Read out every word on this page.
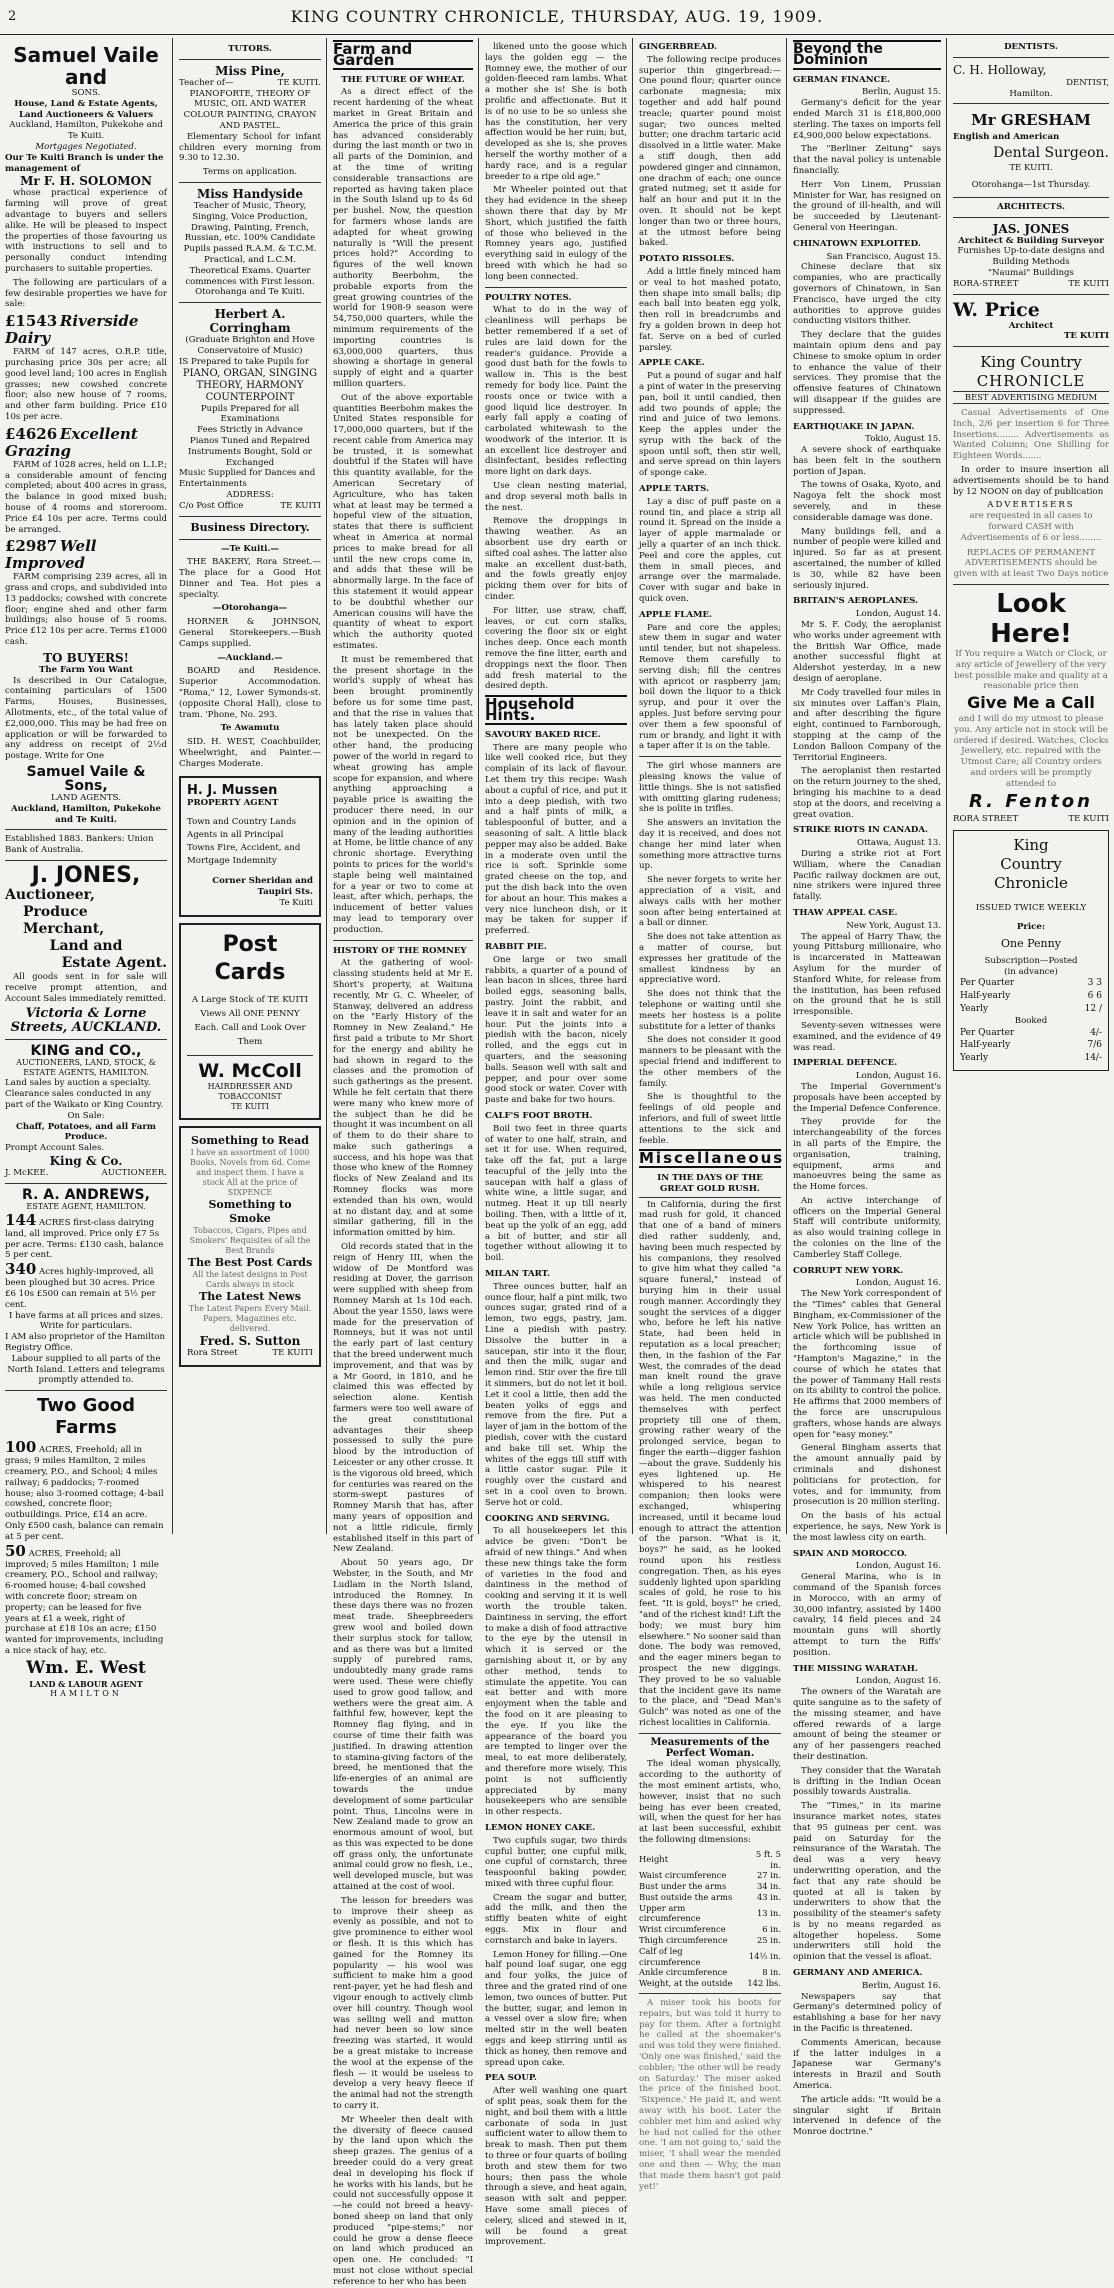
2	KING COUNTRY CHRONICLE, THURSDAY, AUG. 19, 1909.
Samuel Vaile and
SONS.
House, Land & Estate Agents, Land Auctioneers & Valuers
Auckland, Hamilton, Pukekohe and Te Kuiti.
Mortgages Negotiated.
Our Te Kuiti Branch is under the management of
Mr F. H. SOLOMON

whose practical experience of farming will prove of great advantage to buyers and sellers alike. He will be pleased to inspect the properties of those favouring us with instructions to sell and to personally conduct intending purchasers to suitable properties.

The following are particulars of a few desirable properties we have for sale:

£1543 Riverside Dairy

FARM of 147 acres, O.R.P. title, purchasing price 30s per acre; all good level land; 100 acres in English grasses; new cowshed concrete floor; also new house of 7 rooms, and other farm building. Price £10 10s per acre.

£4626 Excellent Grazing

FARM of 1028 acres, held on L.I.P.; a considerable amount of fencing completed; about 400 acres in grass, the balance in good mixed bush; house of 4 rooms and storeroom. Price £4 10s per acre. Terms could be arranged.

£2987 Well Improved

FARM comprising 239 acres, all in grass and crops, and subdivided into 13 paddocks; cowshed with concrete floor; engine shed and other farm buildings; also house of 5 rooms. Price £12 10s per acre. Terms £1000 cash.

TO BUYERS!
The Farm You Want

Is described in Our Catalogue, containing particulars of 1500 Farms, Houses, Businesses, Allotments, etc., of the total value of £2,000,000. This may be had free on application or will be forwarded to any address on receipt of 2½d postage. Write for One

Samuel Vaile & Sons,
LAND AGENTS.
Auckland, Hamilton, Pukekohe and Te Kuiti.
Established 1883. Bankers: Union Bank of Australia.
J. JONES,
Auctioneer,
Produce Merchant,
Land and
Estate Agent.

All goods sent in for sale will receive prompt attention, and Account Sales immediately remitted.

Victoria & Lorne Streets, AUCKLAND.
KING and CO.,
AUCTIONEERS, LAND, STOCK, & ESTATE AGENTS, HAMILTON.
Land sales by auction a specialty.
Clearance sales conducted in any part of the Waikato or King Country.
On Sale:
Chaff, Potatoes, and all Farm Produce.
Prompt Account Sales.
King & Co.
J. McKEE.	AUCTIONEER.
R. A. ANDREWS,
ESTATE AGENT, HAMILTON.
144 ACRES first-class dairying land, all improved. Price only £7 5s per acre. Terms: £130 cash, balance 5 per cent.
340 Acres highly-improved, all been ploughed but 30 acres. Price £6 10s £500 can remain at 5½ per cent.
I have farms at all prices and sizes. Write for particulars.
I AM also proprietor of the Hamilton Registry Office.
Labour supplied to all parts of the North Island. Letters and telegrams promptly attended to.
Two Good Farms
100 ACRES, Freehold; all in grass; 9 miles Hamilton, 2 miles creamery, P.O., and School; 4 miles railway; 6 paddocks; 7-roomed house; also 3-roomed cottage; 4-bail cowshed, concrete floor; outbuildings. Price, £14 an acre. Only £500 cash, balance can remain at 5 per cent.
50 ACRES, Freehold; all improved; 5 miles Hamilton; 1 mile creamery, P.O., School and railway; 6-roomed house; 4-bail cowshed with concrete floor; stream on property; can be leased for five years at £1 a week, right of purchase at £18 10s an acre; £150 wanted for improvements, including a nice stack of hay, etc.
Wm. E. West
LAND & LABOUR AGENT
HAMILTON
TUTORS.
Miss Pine,
Teacher of—	TE KUITI.
PIANOFORTE, THEORY OF MUSIC, OIL AND WATER COLOUR PAINTING, CRAYON AND PASTEL.

Elementary School for infant children every morning from 9.30 to 12.30.

Terms on application.
Miss Handyside
Teacher of Music, Theory, Singing, Voice Production, Drawing, Painting, French, Russian, etc. 100% Candidate Pupils passed R.A.M. & T.C.M. Practical, and L.C.M. Theoretical Exams. Quarter commences with First lesson. Otorohanga and Te Kuiti.
Herbert A. Corringham
(Graduate Brighton and Hove Conservatoire of Music)
IS Prepared to take Pupils for
PIANO, ORGAN, SINGING THEORY, HARMONY COUNTERPOINT
Pupils Prepared for all Examinations
Fees Strictly in Advance
Pianos Tuned and Repaired Instruments Bought, Sold or Exchanged
Music Supplied for Dances and Entertainments
ADDRESS:
C/o Post Office	TE KUITI
Business Directory.
—Te Kuiti.—

THE BAKERY, Rora Street.—The place for a Good Hot Dinner and Tea. Hot pies a specialty.

—Otorohanga—

HORNER & JOHNSON, General Storekeepers.—Bush Camps supplied.

—Auckland.—

BOARD and Residence. Superior Accommodation. "Roma," 12, Lower Symonds-st. (opposite Choral Hall), close to tram. 'Phone, No. 293.

Te Awamutu

SID. H. WEST, Coachbuilder, Wheelwright, and Painter.—Charges Moderate.

H. J. Mussen
PROPERTY AGENT
Town and Country Lands Agents in all Principal Towns Fire, Accident, and Mortgage Indemnity
Corner Sheridan and Taupiri Sts.
Te Kuiti
Post Cards
A Large Stock of TE KUITI Views All ONE PENNY Each. Call and Look Over Them
W. McColl
HAIRDRESSER AND TOBACCONIST
TE KUITI
Something to Read
I have an assortment of 1000 Books, Novels from 6d. Come and inspect them. I have a stock All at the price of SIXPENCE
Something to Smoke
Tobaccos, Cigars, Pipes and Smokers' Requisites of all the Best Brands
The Best Post Cards
All the latest designs in Post Cards always in stock
The Latest News
The Latest Papers Every Mail. Papers, Magazines etc. delivered.
Fred. S. Sutton
Rora Street	TE KUITI
Farm and Garden
THE FUTURE OF WHEAT.

As a direct effect of the recent hardening of the wheat market in Great Britain and America the price of this grain has advanced considerably during the last month or two in all parts of the Dominion, and at the time of writing considerable transactions are reported as having taken place in the South Island up to 4s 6d per bushel. Now, the question for farmers whose lands are adapted for wheat growing naturally is "Will the present prices hold?" According to figures of the well known authority Beerbohm, the probable exports from the great growing countries of the world for 1908-9 season were 54,750,000 quarters, while the minimum requirements of the importing countries is 63,000,000 quarters, thus showing a shortage in general supply of eight and a quarter million quarters.

Out of the above exportable quantities Beerbohm makes the United States responsible for 17,000,000 quarters, but if the recent cable from America may be trusted, it is somewhat doubtful if the States will have this quantity available, for the American Secretary of Agriculture, who has taken what at least may be termed a hopeful view of the situation, states that there is sufficient wheat in America at normal prices to make bread for all until the new crops come in, and adds that these will be abnormally large. In the face of this statement it would appear to be doubtful whether our American cousins will have the quantity of wheat to export which the authority quoted estimates.

It must be remembered that the present shortage in the world's supply of wheat has been brought prominently before us for some time past, and that the rise in values that has lately taken place should not be unexpected. On the other hand, the producing power of the world in regard to wheat growing has ample scope for expansion, and where anything approaching a payable price is awaiting the producer there need, in our opinion and in the opinion of many of the leading authorities at Home, be little chance of any chronic shortage. Everything points to prices for the world's staple being well maintained for a year or two to come at least, after which, perhaps, the inducement of better values may lead to temporary over production.

HISTORY OF THE ROMNEY

At the gathering of wool-classing students held at Mr E. Short's property, at Waituna recently, Mr G. C. Wheeler, of Stanway, delivered an address on the "Early History of the Romney in New Zealand." He first paid a tribute to Mr Short for the energy and ability he had shown in regard to the classes and the promotion of such gatherings as the present. While he felt certain that there were many who knew more of the subject than he did he thought it was incumbent on all of them to do their share to make such gatherings a success, and his hope was that those who knew of the Romney flocks of New Zealand and its Romney flocks was more extended than his own, would at no distant day, and at some similar gathering, fill in the information omitted by him.

Old records stated that in the reign of Henry III, when the widow of De Montford was residing at Dover, the garrison were supplied with sheep from Romney Marsh at 1s 10d each. About the year 1550, laws were made for the preservation of Romneys, but it was not until the early part of last century that the breed underwent much improvement, and that was by a Mr Goord, in 1810, and he claimed this was effected by selection alone. Kentish farmers were too well aware of the great constitutional advantages their sheep possessed to sully the pure blood by the introduction of Leicester or any other crosse. It is the vigorous old breed, which for centuries was reared on the storm-swept pastures of Romney Marsh that has, after many years of opposition and not a little ridicule, firmly established itself in this part of New Zealand.

About 50 years ago, Dr Webster, in the South, and Mr Ludlam in the North Island, introduced the Romney. In these days there was no frozen meat trade. Sheepbreeders grew wool and boiled down their surplus stock for tallow, and as there was but a limited supply of purebred rams, undoubtedly many grade rams were used. These were chiefly used to grow good tallow, and wethers were the great aim. A faithful few, however, kept the Romney flag flying, and in course of time their faith was justified. In drawing attention to stamina-giving factors of the breed, he mentioned that the life-energies of an animal are towards the undue development of some particular point. Thus, Lincolns were in New Zealand made to grow an enormous amount of wool, but as this was expected to be done off grass only, the unfortunate animal could grow no flesh, i.e., well developed muscle, but was attained at the cost of wool.

The lesson for breeders was to improve their sheep as evenly as possible, and not to give prominence to either wool or flesh. It is this which has gained for the Romney its popularity — his wool was sufficient to make him a good rent-payer, yet he had flesh and vigour enough to actively climb over hill country. Though wool was selling well and mutton had never been so low since freezing was started, it would be a great mistake to increase the wool at the expense of the flesh — it would be useless to develop a very heavy fleece if the animal had not the strength to carry it.

Mr Wheeler then dealt with the diversity of fleece caused by the land upon which the sheep grazes. The genius of a breeder could do a very great deal in developing his flock if he works with his lands, but he could not successfully oppose it—he could not breed a heavy-boned sheep on land that only produced "pipe-stems;" nor could he grow a dense fleece on land which produced an open one. He concluded: "I must not close without special reference to her who has been

likened unto the goose which lays the golden egg — the Romney ewe, the mother of our golden-fleeced ram lambs. What a mother she is! She is both prolific and affectionate. But it is of no use to be so unless she has the constitution, her very affection would be her ruin; but, developed as she is, she proves herself the worthy mother of a hardy race, and is a regular breeder to a ripe old age."

Mr Wheeler pointed out that they had evidence in the sheep shown there that day by Mr Short, which justified the faith of those who believed in the Romney years ago, justified everything said in eulogy of the breed with which he had so long been connected.

POULTRY NOTES.

What to do in the way of cleanliness will perhaps be better remembered if a set of rules are laid down for the reader's guidance. Provide a good dust bath for the fowls to wallow in. This is the best remedy for body lice. Paint the roosts once or twice with a good liquid lice destroyer. In early fall apply a coating of carbolated whitewash to the woodwork of the interior. It is an excellent lice destroyer and disinfectant, besides reflecting more light on dark days.

Use clean nesting material, and drop several moth balls in the nest.

Remove the droppings in thawing weather. As an absorbent use dry earth or sifted coal ashes. The latter also make an excellent dust-bath, and the fowls greatly enjoy picking them over for bits of cinder.

For litter, use straw, chaff, leaves, or cut corn stalks, covering the floor six or eight inches deep. Once each month remove the fine litter, earth and droppings next the floor. Then add fresh material to the desired depth.

Household Hints.
SAVOURY BAKED RICE.

There are many people who like well cooked rice, but they complain of its lack of flavour. Let them try this recipe: Wash about a cupful of rice, and put it into a deep piedish, with two and a half pints of milk, a tablespoonful of butter, and a seasoning of salt. A little black pepper may also be added. Bake in a moderate oven until the rice is soft. Sprinkle some grated cheese on the top, and put the dish back into the oven for about an hour. This makes a very nice luncheon dish, or it may be taken for supper if preferred.

RABBIT PIE.

One large or two small rabbits, a quarter of a pound of lean bacon in slices, three hard boiled eggs, seasoning balls, pastry. Joint the rabbit, and leave it in salt and water for an hour. Put the joints into a piedish with the bacon, nicely rolled, and the eggs cut in quarters, and the seasoning balls. Season well with salt and pepper, and pour over some good stock or water. Cover with paste and bake for two hours.

CALF'S FOOT BROTH.

Boil two feet in three quarts of water to one half, strain, and set it for use. When required, take off the fat, put a large teacupful of the jelly into the saucepan with half a glass of white wine, a little sugar, and nutmeg. Heat it up till nearly boiling. Then, with a little of it, beat up the yolk of an egg, add a bit of butter, and stir all together without allowing it to boil.

MILAN TART.

Three ounces butter, half an ounce flour, half a pint milk, two ounces sugar, grated rind of a lemon, two eggs, pastry, jam. Line a piedish with pastry. Dissolve the butter in a saucepan, stir into it the flour, and then the milk, sugar and lemon rind. Stir over the fire till it simmers, but do not let it boil. Let it cool a little, then add the beaten yolks of eggs and remove from the fire. Put a layer of jam in the bottom of the piedish, cover with the custard and bake till set. Whip the whites of the eggs till stiff with a little castor sugar. Pile it roughly over the custard and set in a cool oven to brown. Serve hot or cold.

COOKING AND SERVING.

To all housekeepers let this advice be given: "Don't be afraid of new things." And when these new things take the form of varieties in the food and daintiness in the method of cooking and serving it it is well worth the trouble taken. Daintiness in serving, the effort to make a dish of food attractive to the eye by the utensil in which it is served or the garnishing about it, or by any other method, tends to stimulate the appetite. You can eat better and with more enjoyment when the table and the food on it are pleasing to the eye. If you like the appearance of the board you are tempted to linger over the meal, to eat more deliberately, and therefore more wisely. This point is not sufficiently appreciated by many housekeepers who are sensible in other respects.

LEMON HONEY CAKE.

Two cupfuls sugar, two thirds cupful butter, one cupful milk, one cupful of cornstarch, three teaspoonful baking powder, mixed with three cupful flour.

Cream the sugar and butter, add the milk, and then the stiffly beaten white of eight eggs. Mix in flour and cornstarch and bake in layers.

Lemon Honey for filling.—One half pound loaf sugar, one egg and four yolks, the juice of three and the grated rind of one lemon, two ounces of butter. Put the butter, sugar, and lemon in a vessel over a slow fire; when melted stir in the well beaten eggs and keep stirring until as thick as honey, then remove and spread upon cake.

PEA SOUP.

After well washing one quart of split peas, soak them for the night, and boil them with a little carbonate of soda in just sufficient water to allow them to break to mash. Then put them to three or four quarts of boiling broth and stew them for two hours; then pass the whole through a sieve, and heat again, season with salt and pepper. Have some small pieces of celery, sliced and stewed in it, will be found a great improvement.

GINGERBREAD.

The following recipe produces superior thin gingerbread:—One pound flour; quarter ounce carbonate magnesia; mix together and add half pound treacle; quarter pound moist sugar; two ounces melted butter; one drachm tartaric acid dissolved in a little water. Make a stiff dough, then add powdered ginger and cinnamon, one drachm of each; one ounce grated nutmeg; set it aside for half an hour and put it in the oven. It should not be kept longer than two or three hours, at the utmost before being baked.

POTATO RISSOLES.

Add a little finely minced ham or veal to hot mashed potato, then shape into small balls; dip each ball into beaten egg yolk, then roll in breadcrumbs and fry a golden brown in deep hot fat. Serve on a bed of curled parsley.

APPLE CAKE.

Put a pound of sugar and half a pint of water in the preserving pan, boil it until candied, then add two pounds of apple; the rind and juice of two lemons. Keep the apples under the syrup with the back of the spoon until soft, then stir well, and serve spread on thin layers of sponge cake.

APPLE TARTS.

Lay a disc of puff paste on a round tin, and place a strip all round it. Spread on the inside a layer of apple marmalade or jelly a quarter of an inch thick. Peel and core the apples, cut them in small pieces, and arrange over the marmalade. Cover with sugar and bake in quick oven.

APPLE FLAME.

Pare and core the apples; stew them in sugar and water until tender, but not shapeless. Remove them carefully to serving dish; fill the centres with apricot or raspberry jam; boil down the liquor to a thick syrup, and pour it over the apples. Just before serving pour over them a few spoonsful of rum or brandy, and light it with a taper after it is on the table.

The girl whose manners are pleasing knows the value of little things. She is not satisfied with omitting glaring rudeness; she is polite in trifles.

She answers an invitation the day it is received, and does not change her mind later when something more attractive turns up.

She never forgets to write her appreciation of a visit, and always calls with her mother soon after being entertained at a ball or dinner.

She does not take attention as a matter of course, but expresses her gratitude of the smallest kindness by an appreciative word.

She does not think that the telephone or waiting until she meets her hostess is a polite substitute for a letter of thanks

She does not consider it good manners to be pleasant with the special friend and indifferent to the other members of the family.

She is thoughtful to the feelings of old people and inferiors, and full of sweet little attentions to the sick and feeble.

Miscellaneous
IN THE DAYS OF THE GREAT GOLD RUSH.

In California, during the first mad rush for gold, it chanced that one of a band of miners died rather suddenly, and, having been much respected by his companions, they resolved to give him what they called "a square funeral," instead of burying him in their usual rough manner. Accordingly they sought the services of a digger who, before he left his native State, had been held in reputation as a local preacher; then, in the fashion of the Far West, the comrades of the dead man knelt round the grave while a long religious service was held. The men conducted themselves with perfect propriety till one of them, growing rather weary of the prolonged service, began to finger the earth—digger fashion—about the grave. Suddenly his eyes lightened up. He whispered to his nearest companion; then looks were exchanged, whispering increased, until it became loud enough to attract the attention of the parson. "What is it, boys?" he said, as he looked round upon his restless congregation. Then, as his eyes suddenly lighted upon sparkling scales of gold, he rose to his feet. "It is gold, boys!" he cried, "and of the richest kind! Lift the body; we must bury him elsewhere." No sooner said than done. The body was removed, and the eager miners began to prospect the new diggings. They proved to be so valuable that the incident gave its name to the place, and "Dead Man's Gulch" was noted as one of the richest localities in California.

Measurements of the Perfect Woman.

The ideal woman physically, according to the authority of the most eminent artists, who, however, insist that no such being has ever been created, will, when the quest for her has at last been successful, exhibit the following dimensions:

Height	5 ft. 5 in.
Waist circumference	27 in.
Bust under the arms	34 in.
Bust outside the arms	43 in.
Upper arm circumference	13 in.
Wrist circumference	6 in.
Thigh circumference	25 in.
Calf of leg circumference	14½ in.
Ankle circumference	8 in.
Weight, at the outside	142 lbs.

A miser took his boots for repairs, but was told it hurry to pay for them. After a fortnight he called at the shoemaker's and was told they were finished. 'Only one was finished,' said the cobbler; 'the other will be ready on Saturday.' The miser asked the price of the finished boot. 'Sixpence.' He paid it, and went away with his boot. Later the cobbler met him and asked why he had not called for the other one. 'I am not going to,' said the miser, 'I shall wear the mended one and then — Why, the man that made them hasn't got paid yet!'

Beyond the Dominion
GERMAN FINANCE.
Berlin, August 15.

Germany's deficit for the year ended March 31 is £18,800,000 sterling. The taxes on imports fell £4,900,000 below expectations.

The "Berliner Zeitung" says that the naval policy is untenable financially.

Herr Von Linem, Prussian Minister for War, has resigned on the ground of ill-health, and will be succeeded by Lieutenant-General von Heeringan.

CHINATOWN EXPLOITED.
San Francisco, August 15.

Chinese declare that six companies, who are practically governors of Chinatown, in San Francisco, have urged the city authorities to approve guides conducting visitors thither.

They declare that the guides maintain opium dens and pay Chinese to smoke opium in order to enhance the value of their services. They promise that the offensive features of Chinatown will disappear if the guides are suppressed.

EARTHQUAKE IN JAPAN.
Tokio, August 15.

A severe shock of earthquake has been felt in the southern portion of Japan.

The towns of Osaka, Kyoto, and Nagoya felt the shock most severely, and in these considerable damage was done.

Many buildings fell, and a number of people were killed and injured. So far as at present ascertained, the number of killed is 30, while 82 have been seriously injured.

BRITAIN'S AEROPLANES.
London, August 14.

Mr S. F. Cody, the aeroplanist who works under agreement with the British War Office, made another successful flight at Aldershot yesterday, in a new design of aeroplane.

Mr Cody travelled four miles in six minutes over Laffan's Plain, and after describing the figure eight, continued to Farnborough, stopping at the camp of the London Balloon Company of the Territorial Engineers.

The aeroplanist then restarted on the return journey to the shed, bringing his machine to a dead stop at the doors, and receiving a great ovation.

STRIKE RIOTS IN CANADA.
Ottawa, August 13.

During a strike riot at Fort William, where the Canadian Pacific railway dockmen are out, nine strikers were injured three fatally.

THAW APPEAL CASE.
New York, August 13.

The appeal of Harry Thaw, the young Pittsburg millionaire, who is incarcerated in Matteawan Asylum for the murder of Stanford White, for release from the institution, has been refused on the ground that he is still irresponsible.

Seventy-seven witnesses were examined, and the evidence of 49 was read.

IMPERIAL DEFENCE.
London, August 16.

The Imperial Government's proposals have been accepted by the Imperial Defence Conference.

They provide for the interchangeability of the forces in all parts of the Empire, the organisation, training, equipment, arms and manoeuvres being the same as the Home forces.

An active interchange of officers on the Imperial General Staff will contribute uniformity, as also would training college in the colonies on the line of the Camberley Staff College.

CORRUPT NEW YORK.
London, August 16.

The New York correspondent of the "Times" cables that General Bingham, ex-Commissioner of the New York Police, has written an article which will be published in the forthcoming issue of "Hampton's Magazine," in the course of which he states that the power of Tammany Hall rests on its ability to control the police. He affirms that 2000 members of the force are unscrupulous grafters, whose hands are always open for "easy money."

General Bingham asserts that the amount annually paid by criminals and dishonest politicians for protection, for votes, and for immunity, from prosecution is 20 million sterling.

On the basis of his actual experience, he says, New York is the most lawless city on earth.

SPAIN AND MOROCCO.
London, August 16.

General Marina, who is in command of the Spanish forces in Morocco, with an army of 30,000 infantry, assisted by 1400 cavalry, 14 field pieces and 24 mountain guns will shortly attempt to turn the Riffs' position.

THE MISSING WARATAH.
London, August 16.

The owners of the Waratah are quite sanguine as to the safety of the missing steamer, and have offered rewards of a large amount of being the steamer or any of her passengers reached their destination.

They consider that the Waratah is drifting in the Indian Ocean possibly towards Australia.

The "Times," in its marine insurance market notes, states that 95 guineas per cent. was paid on Saturday for the reinsurance of the Waratah. The deal was a very heavy underwriting operation, and the fact that any rate should be quoted at all is taken by underwriters to show that the possibility of the steamer's safety is by no means regarded as altogether hopeless. Some underwriters still hold the opinion that the vessel is afloat.

GERMANY AND AMERICA.
Berlin, August 16.

Newspapers say that Germany's determined policy of establishing a base for her navy in the Pacific is threatened.

Comments American, because if the latter indulges in a Japanese war Germany's interests in Brazil and South America.

The article adds: "It would be a singular sight if Britain intervened in defence of the Monroe doctrine."

DENTISTS.
C. H. Holloway,
DENTIST,
Hamilton.
Mr GRESHAM
English and American
Dental Surgeon.
TE KUITI.
Otorohanga—1st Thursday.
ARCHITECTS.
JAS. JONES
Architect & Building Surveyor
Furnishes Up-to-date designs and Building Methods
"Naumai" Buildings
RORA-STREET	TE KUITI
W. Price
Architect
TE KUITI
King Country
CHRONICLE
BEST ADVERTISING MEDIUM

Casual Advertisements of One Inch, 2/6 per insertion 6 for Three Insertions........ Advertisements as Wanted Column; One Shilling for Eighteen Words.......

In order to insure insertion all advertisements should be to hand by 12 NOON on day of publication

ADVERTISERS
are requested in all cases to forward CASH with Advertisements of 6 or less........
REPLACES OF PERMANENT ADVERTISEMENTS should be given with at least Two Days notice
Look Here!
If You require a Watch or Clock, or any article of Jewellery of the very best possible make and quality at a reasonable price then
Give Me a Call
and I will do my utmost to please you. Any article not in stock will be ordered if desired. Watches, Clocks Jewellery, etc. repaired with the Utmost Care; all Country orders and orders will be promptly attended to
R. Fenton
RORA STREET	TE KUITI
King
Country
Chronicle
ISSUED TWICE WEEKLY
Price:
One Penny
Subscription—Posted
(in advance)
Per Quarter	3 3
Half-yearly	6 6
Yearly	12 /
Booked
Per Quarter	4/-
Half-yearly	7/6
Yearly	14/-
